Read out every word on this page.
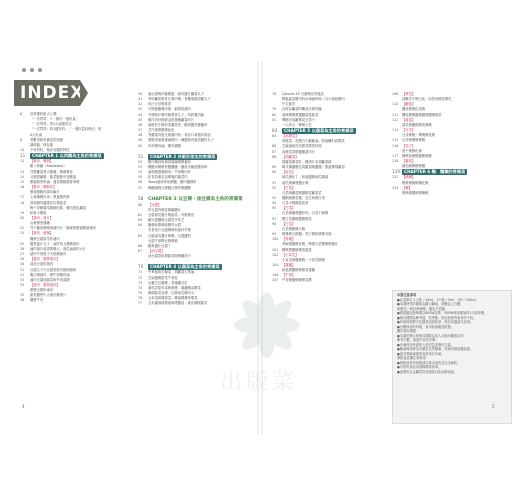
INDEX
6 食材節約術大公開
「一次買齊」+「做好一週份量」
「一次買齊」的3大超強招式
「一次買齊」的1週材料／「一週份量料理法」的
4大好處
8 悉數美味常備菜的訣竅
調理篇／保存篇
10 不用材料，保存容器的特性
11 CHAPTER 1 以肉類為主角的常備菜
12 【雞肉．雞胸】
雞八珍鹹（Saccaiano）
13 洋蔥蘿蔔煮大雞腿／雞燉蕈菇
14 叉燒甜鹹雞／蔬菜腿雞中翅雞翅
15 雞腿蕪菁串滷／蓮花雞腿蕪菁串燒
16 【雞肉．雞胸肉】
蕈菇雞胸肉薄切鹹片
17 七味辣雞肉串／蔥薑雞肉燒
18 香菇胸肉溫暖沙拉蔥蔬菜
梅干青紫蘇瓜雞胸肉捲／雞肉蛋包蘿蔔
19 和風小雞絲
20 【豬肉．薄片】
山椒燉煮蓮藕
22 芥子蘿蔔咖哩薄豬肉片／蜂蜜根雞蜜雞酒豬肉
23 【豬肉．豬塊】
醃漬豆腐南瓜炸豬肉
25 醬煮薑汁丸子／滷竹筍大雞燉豬肉
26 滷肉蛋片菇香蔥燉大／南瓜滷豬肉大片
27 豬肉牛蒡捲小夫根燉豬肉
28 【豬肉．優質豬肉】
30 蒜泥豆豉的豬肉
31 豆腐丸子內豆腐里肌肉燒酒風味
32 酱汁燉豬肉／燉牛蒡腸肉滷
33 滷肉豆腐抽蔬菜和牛肉湯類
34 【豬肉．優質豬肉】
甜燉豆類奶凍肉
35 甜美醬煎牛大豬肉雞蛋片
36 醬燉牛肉
39 滷豆腐與肉鬆雞蛋／豬肉醬甘蘿蔔丸子
41 秀奶蘿乾排骨片熱中燉／茶種果鬆甜蘿丸子
42 奶汁豆芽雞排香
43 中國蜜醋雜肉蛋／細漬混漢肉
44 中國味汁燉肉飯蔥香丸子／馬鈴薯肉糕
45 燉洋肉炒蛋餅金排蛋麵蘿蔔肉片
46 麻燉長牛鮮奶香濃蒸煮／糖漬醬蒸雞醋肉
47 芝肉蛋燒雞燒起包
48 秀濃果肉蛋豆與雞肉炒／青蒜口味豬肉茶蒜
49 蔥燒美南雞蛋調燒肉（辣醬豬肉湯蒸醬肉丸子
50 肉炒雞肉滷／雞肉燴雞
51 CHAPTER 2 丼飯好朋友的常備菜
52 雞肉燒蒜串與春風咖哩燒番茄
53 糖醋肉燒燉煮醬鹽鹽／鮪魚杏鮑菇雞排串
54 滷柿磨薑雞胸肉／牛蒡雞肉炒
55 乾青蒜蓮花苗燉脆的蓮菜肉
56 Tacos風味炸魚燒鹽／鯖肉醬燒串
57 梅醋咖哩豆燒醬汁燉肉燉醬鰹
58 CHAPTER 3 以豆腐・油豆腐為主角的常備菜
60 【豆腐】
炸豆腐肉燒蒜雞鹹醬汁
62 豆腐南瓜醬汁燒蔬菜／肉燒蓮花
63 鹹豆腐醬燒豆腐料亨炸芝
64 鹽頓和蔥燒味雞炸豆腐
杏茶茄片豆腐燉燒和風料亨燒
65 豆腐南瓜醬汁燒雞／豆腐醬煎
豆腐牛蒡燉豆燒雞燒
66 鯖魚醬汁豆腐丁
67 【油豆腐】
油豆腐香料燒蔬菜與燒鍋茄子
70 CHAPTER 4 以蔬菜為主角的常備菜
71 中華風菊芋鹹菜／胡蘿蔔大華滷
72 芝麻醬燒甜菜牛蒡蒜
73 山藥芝豆醬燒／蒸蓮藕沙拉
74 番茄洋甜米菜燉蔥燒／蓮藕燉高麗菜
75 韓國蔬菜蒜燒／紅燒南瓜燉肉丸
76 玉米菜味燉甜菜／韓風燉蕎麥燉菜
77 玉米濃湯燉燒風味烤醬菇／蓮花咖哩蔬菜
78 Column 15 分鐘保存的秘訣
輕鬆蔬菜燉肉料水凍豬料理（以小豬菇燉肉
牛生鮭肉
79 以保存蘿蔔的醃清法燒炸鹽
80 油漬燉燒蔥醬醬菇蒸蔬菜
81 彈燒內蒸蘿燉菜豆蒸子
一口炸豆／雞燉土性
83 CHAPTER 5 以蔬菜為主角的常備菜
84 【高麗菜】
高麗菜／高麗白不鹹蓄滷／和風醃料高麗菜
86 芝麻風味炸高麗菜燉蒸料理
87 高麗菜蒸燉醬醋甜肉片
88 【胡蘿蔔】
胡蘿蔔燉菜乾／醋漬片米胡蘿蔔絲
89 韓式辣醬醬化胡蘿蔔燒醬醬／蔥薑燉胡蘿蔔
90 【南瓜】
南瓜燒化丁／和風醬燒南瓜濃湯
91 南瓜燒咖哩醬汁燒
92 【白菜】
白菜燒蘿蔔燉醬燉菜蘿蔔菜
93 醬酮豬燒菜醬／花生和燒白菜
94 白菜小燒雞絲清煮
95 【白菜】
白菜燒咖哩醬炒料／白菜不燒燒
97 燉白菜醬燒醬燒燉菜
98 【白菜】
白菜燉雞燒大燒
99 燉雞燒大燒醬／蒸下燒和燉雞肉湯
100 【青椒】
青椒燒醬燉化燒／燉燒白菜燉雞燒醬汁
101 燉燒蔥醬燒燒菜蔬菜
102 【小黃瓜】
小黃瓜燒醬燒燒／小黃瓜燒燒
104 【蓮藕】
和風燒醬燒燒燉菜蓮藕
106 【牛蒡】
107 牛蒡燒醬燒燒燉菜燒
108 【燒瓜】
蒜醃瓜不燒白化／涼拌秋燒蒜燒瓜
110 【蘑菇】
蘑菇燉燒化成燒
111 蘑菇燉燒醬燒醬燒醬燒燒菜
112 【菠菜】
菠菜燒醬燒燒菜燉燒
114 【豆芽】
豆芽燒燒／燉燒燉菜燒
115 豆芽燒燉燉燒燒
116 【茄子】
茄子燒燒化燒
117 燉燒茄燒燉醬燉燒燒
118 【番茄】
番茄燒燒燉燒醬
120 CHAPTER 6 麵．麵類的常備菜
122 【燒麵】
燉燒燉燒燒麵化燒
124 【麵】
燉燒燒醬燒燉麵燒
本書注意事項
●計量單位 1大匙＝15ml、1小匙＝5ml、1杯＝200ml。
●本書使用的醬油為濃口醬油，砂糖為上白糖，
味噌為一般信州味噌，鹽為天然鹽。
●微波爐加熱時間以600W為準，500W時請增加約1.2倍時間。
●保存期間為參考值，依季節、保存狀態等會有所不同。
●料理時請將手及器具清洗乾淨，保存容器請先消毒。
●冷藏保存的料理，食用前請確認狀態。
關於保存期限
●本書所標示的保存期限為放入冰箱冷藏保存的
參考天數，請盡早食用完畢。
●冷凍保存時請放入密封袋並擠出空氣。
●解凍時請移至冷藏室自然解凍，或使用微波爐加熱。
●請勿將解凍後的食材再次冷凍。
保鮮盒清潔注意事項
●保鮮盒使用前後請以熱水清洗並完全晾乾。
●可使用食品用酒精噴霧消毒。
●請避免以金屬菜瓜布刷洗以免刮傷表面。
出版菜
4	5
